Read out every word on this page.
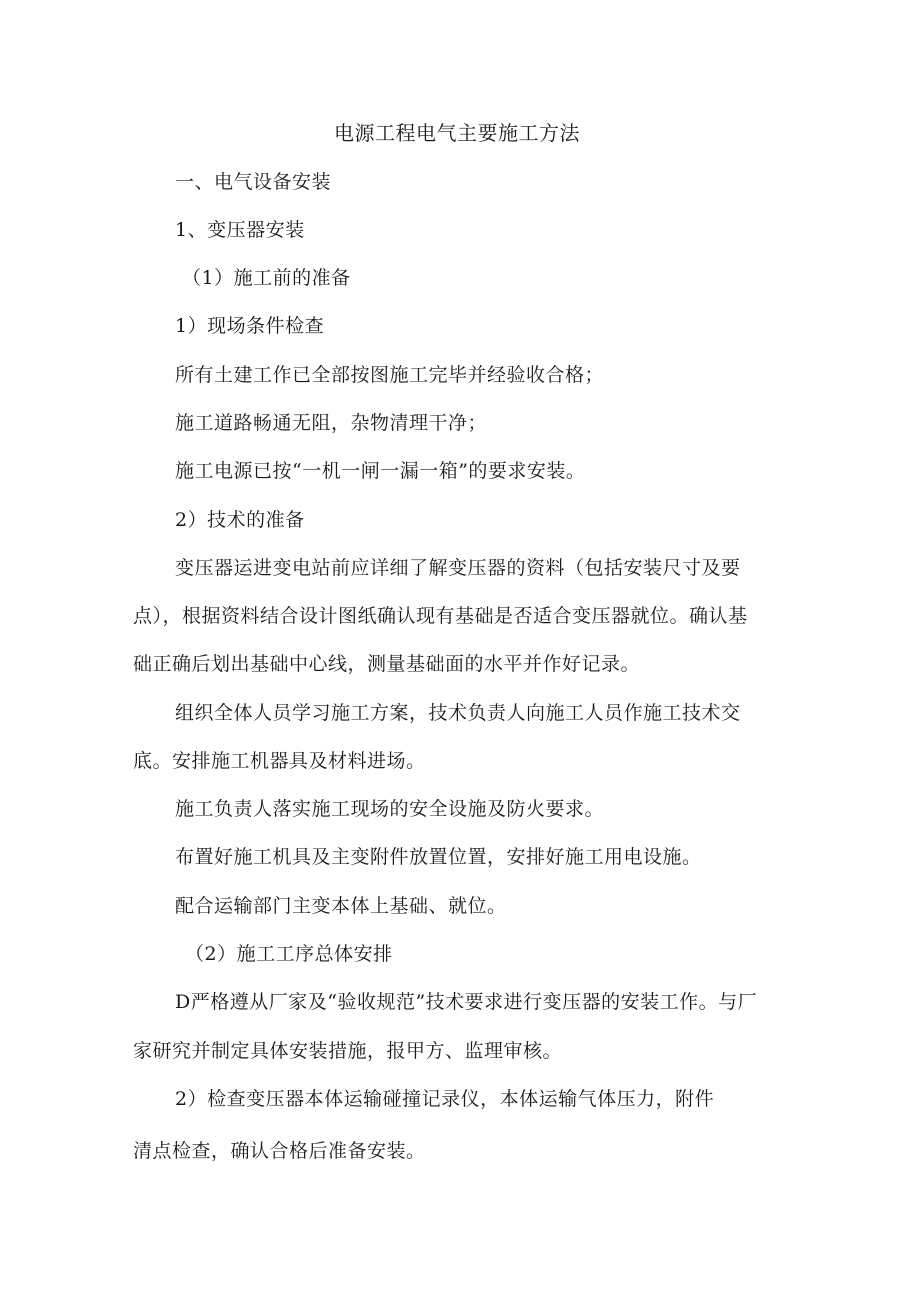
电源工程电气主要施工方法
一、电气设备安装
1、变压器安装
（1）施工前的准备
1）现场条件检查
所有土建工作已全部按图施工完毕并经验收合格；
施工道路畅通无阻，杂物清理干净；
施工电源已按“一机一闸一漏一箱”的要求安装。
2）技术的准备
变压器运进变电站前应详细了解变压器的资料（包括安装尺寸及要
点），根据资料结合设计图纸确认现有基础是否适合变压器就位。确认基
础正确后划出基础中心线，测量基础面的水平并作好记录。
组织全体人员学习施工方案，技术负责人向施工人员作施工技术交
底。安排施工机器具及材料进场。
施工负责人落实施工现场的安全设施及防火要求。
布置好施工机具及主变附件放置位置，安排好施工用电设施。
配合运输部门主变本体上基础、就位。
（2）施工工序总体安排
D严格遵从厂家及“验收规范”技术要求进行变压器的安装工作。与厂
家研究并制定具体安装措施，报甲方、监理审核。
2）检查变压器本体运输碰撞记录仪，本体运输气体压力，附件
清点检查，确认合格后准备安装。
